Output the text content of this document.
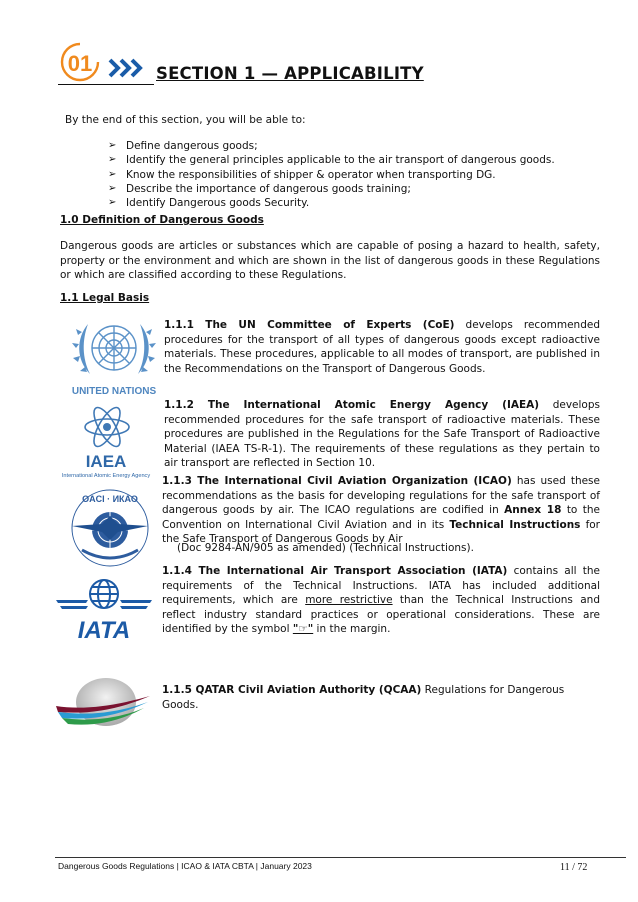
01	SECTION 1 — APPLICABILITY

By the end of this section, you will be able to:

➢ Define dangerous goods;
➢ Identify the general principles applicable to the air transport of dangerous goods.
➢ Know the responsibilities of shipper & operator when transporting DG.
➢ Describe the importance of dangerous goods training;
➢ Identify Dangerous goods Security.
1.0 Definition of Dangerous Goods

Dangerous goods are articles or substances which are capable of posing a hazard to health, safety, property or the environment and which are shown in the list of dangerous goods in these Regulations or which are classified according to these Regulations.

1.1 Legal Basis
UNITED NATIONS

1.1.1 The UN Committee of Experts (CoE) develops recommended procedures for the transport of all types of dangerous goods except radioactive materials. These procedures, applicable to all modes of transport, are published in the Recommendations on the Transport of Dangerous Goods.

IAEA
International Atomic Energy Agency

1.1.2 The International Atomic Energy Agency (IAEA) develops recommended procedures for the safe transport of radioactive materials. These procedures are published in the Regulations for the Safe Transport of Radioactive Material (IAEA TS-R-1). The requirements of these regulations as they pertain to air transport are reflected in Section 10.

OACI · ИКАО

1.1.3 The International Civil Aviation Organization (ICAO) has used these recommendations as the basis for developing regulations for the safe transport of dangerous goods by air. The ICAO regulations are codified in Annex 18 to the Convention on International Civil Aviation and in its Technical Instructions for the Safe Transport of Dangerous Goods by Air

(Doc 9284-AN/905 as amended) (Technical Instructions).

IATA

1.1.4 The International Air Transport Association (IATA) contains all the requirements of the Technical Instructions. IATA has included additional requirements, which are more restrictive than the Technical Instructions and reflect industry standard practices or operational considerations. These are identified by the symbol "☞" in the margin.

1.1.5 QATAR Civil Aviation Authority (QCAA) Regulations for Dangerous Goods.

Dangerous Goods Regulations | ICAO & IATA CBTA | January 2023	11 / 72
